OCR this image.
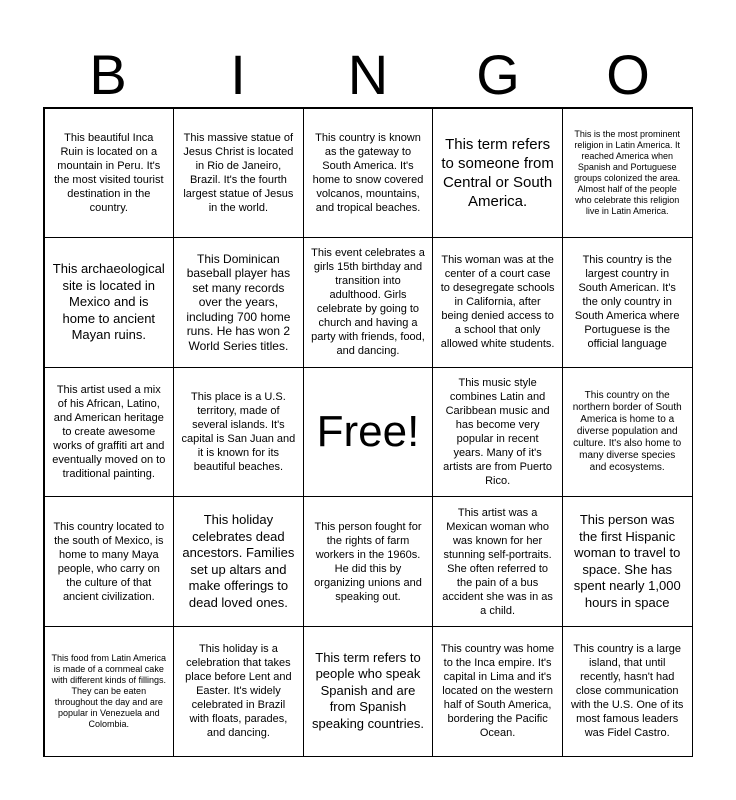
B	I	N	G	O
This beautiful Inca Ruin is located on a mountain in Peru. It's the most visited tourist destination in the country.
This massive statue of Jesus Christ is located in Rio de Janeiro, Brazil. It's the fourth largest statue of Jesus in the world.
This country is known as the gateway to South America. It's home to snow covered volcanos, mountains, and tropical beaches.
This term refers to someone from Central or South America.
This is the most prominent religion in Latin America. It reached America when Spanish and Portuguese groups colonized the area. Almost half of the people who celebrate this religion live in Latin America.
This archaeological site is located in Mexico and is home to ancient Mayan ruins.
This Dominican baseball player has set many records over the years, including 700 home runs. He has won 2 World Series titles.
This event celebrates a girls 15th birthday and transition into adulthood. Girls celebrate by going to church and having a party with friends, food, and dancing.
This woman was at the center of a court case to desegregate schools in California, after being denied access to a school that only allowed white students.
This country is the largest country in South American. It's the only country in South America where Portuguese is the official language
This artist used a mix of his African, Latino, and American heritage to create awesome works of graffiti art and eventually moved on to traditional painting.
This place is a U.S. territory, made of several islands. It's capital is San Juan and it is known for its beautiful beaches.
Free!
This music style combines Latin and Caribbean music and has become very popular in recent years. Many of it's artists are from Puerto Rico.
This country on the northern border of South America is home to a diverse population and culture. It's also home to many diverse species and ecosystems.
This country located to the south of Mexico, is home to many Maya people, who carry on the culture of that ancient civilization.
This holiday celebrates dead ancestors. Families set up altars and make offerings to dead loved ones.
This person fought for the rights of farm workers in the 1960s. He did this by organizing unions and speaking out.
This artist was a Mexican woman who was known for her stunning self-portraits. She often referred to the pain of a bus accident she was in as a child.
This person was the first Hispanic woman to travel to space. She has spent nearly 1,000 hours in space
This food from Latin America is made of a cornmeal cake with different kinds of fillings. They can be eaten throughout the day and are popular in Venezuela and Colombia.
This holiday is a celebration that takes place before Lent and Easter. It's widely celebrated in Brazil with floats, parades, and dancing.
This term refers to people who speak Spanish and are from Spanish speaking countries.
This country was home to the Inca empire. It's capital in Lima and it's located on the western half of South America, bordering the Pacific Ocean.
This country is a large island, that until recently, hasn't had close communication with the U.S. One of its most famous leaders was Fidel Castro.
